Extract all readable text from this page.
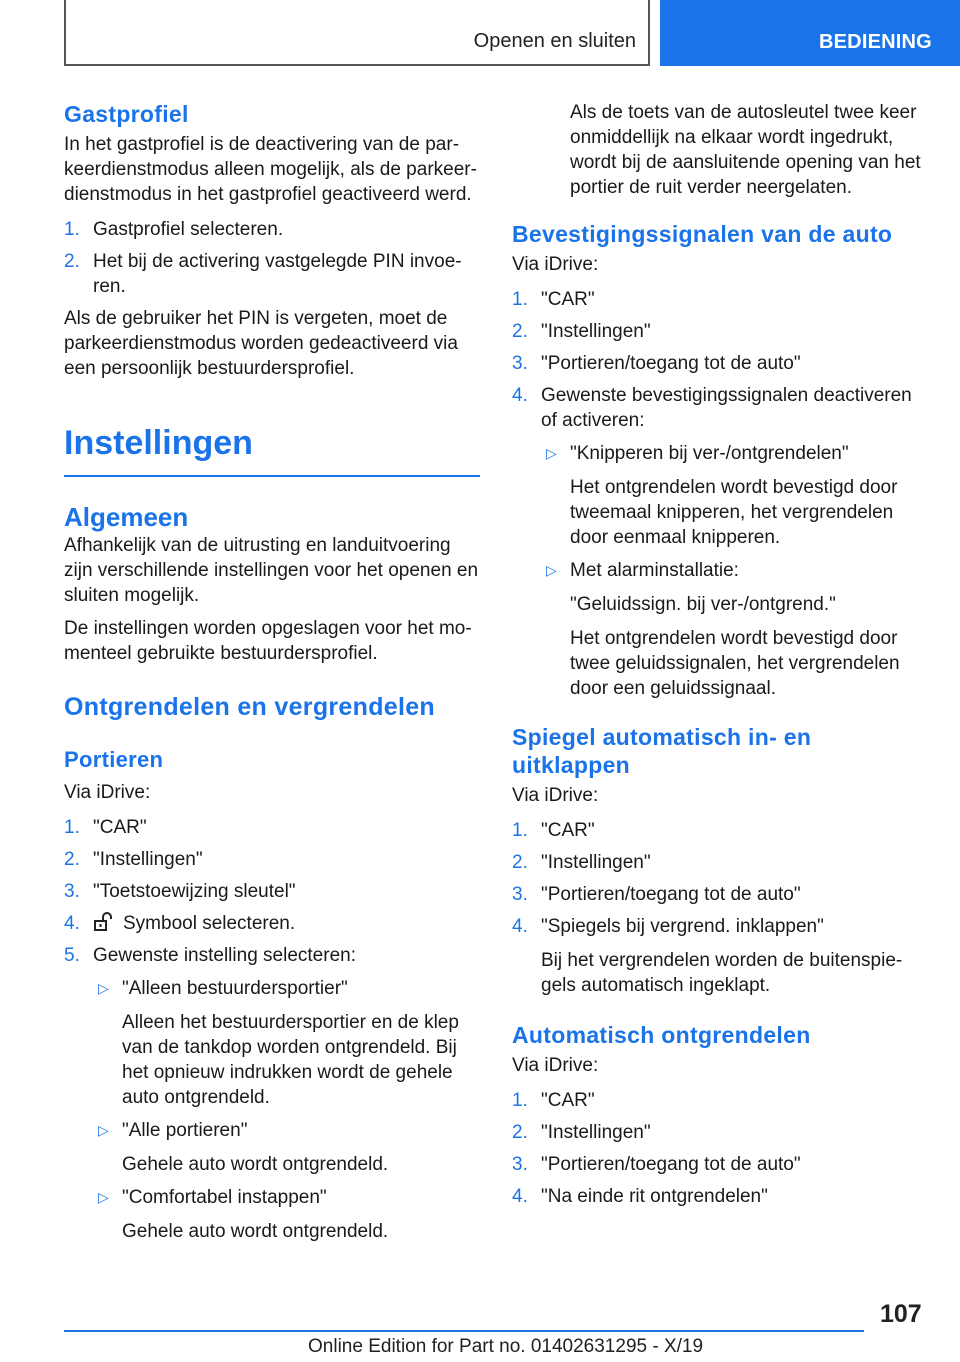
Openen en sluiten	BEDIENING
Gastprofiel

In het gastprofiel is de deactivering van de parkeerdienstmodus alleen mogelijk, als de parkeerdienstmodus in het gastprofiel geactiveerd werd.

1. Gastprofiel selecteren.
2. Het bij de activering vastgelegde PIN invoeren.

Als de gebruiker het PIN is vergeten, moet de parkeerdienstmodus worden gedeactiveerd via een persoonlijk bestuurdersprofiel.

Instellingen
Algemeen

Afhankelijk van de uitrusting en landuitvoering zijn verschillende instellingen voor het openen en sluiten mogelijk.

De instellingen worden opgeslagen voor het momenteel gebruikte bestuurdersprofiel.

Ontgrendelen en vergrendelen
Portieren

Via iDrive:

1. "CAR"
2. "Instellingen"
3. "Toetstoewijzing sleutel"
4. Symbool selecteren.
5. Gewenste instelling selecteren:
▷ "Alleen bestuurdersportier"
Alleen het bestuurdersportier en de klep van de tankdop worden ontgrendeld. Bij het opnieuw indrukken wordt de gehele auto ontgrendeld.
▷ "Alle portieren"
Gehele auto wordt ontgrendeld.
▷ "Comfortabel instappen"
Gehele auto wordt ontgrendeld.

Als de toets van de autosleutel twee keer onmiddellijk na elkaar wordt ingedrukt, wordt bij de aansluitende opening van het portier de ruit verder neergelaten.

Bevestigingssignalen van de auto

Via iDrive:

1. "CAR"
2. "Instellingen"
3. "Portieren/toegang tot de auto"
4. Gewenste bevestigingssignalen deactiveren of activeren:
▷ "Knipperen bij ver-/ontgrendelen"
Het ontgrendelen wordt bevestigd door tweemaal knipperen, het vergrendelen door eenmaal knipperen.
▷ Met alarminstallatie:
"Geluidssign. bij ver-/ontgrend."
Het ontgrendelen wordt bevestigd door twee geluidssignalen, het vergrendelen door een geluidssignaal.
Spiegel automatisch in- en uitklappen

Via iDrive:

1. "CAR"
2. "Instellingen"
3. "Portieren/toegang tot de auto"
4. "Spiegels bij vergrend. inklappen"
Bij het vergrendelen worden de buitenspiegels automatisch ingeklapt.
Automatisch ontgrendelen

Via iDrive:

1. "CAR"
2. "Instellingen"
3. "Portieren/toegang tot de auto"
4. "Na einde rit ontgrendelen"
107
Online Edition for Part no. 01402631295 - X/19
